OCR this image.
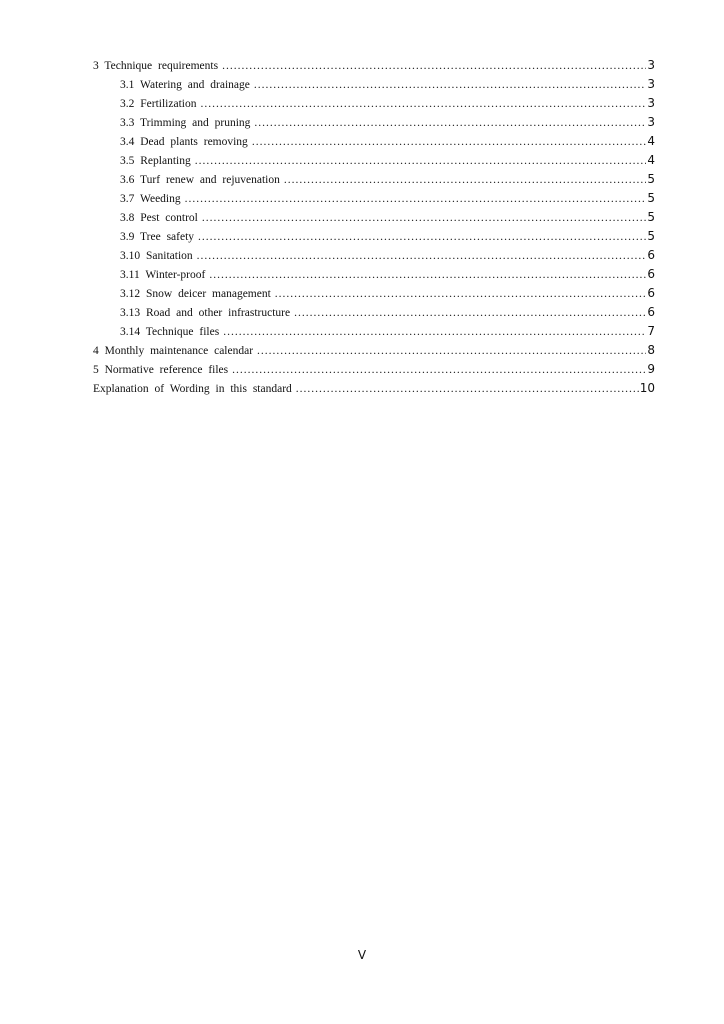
3 Technique requirements .....	3
3.1 Watering and drainage .....	3
3.2 Fertilization .....	3
3.3 Trimming and pruning .....	3
3.4 Dead plants removing .....	4
3.5 Replanting .....	4
3.6 Turf renew and rejuvenation .....	5
3.7 Weeding .....	5
3.8 Pest control .....	5
3.9 Tree safety .....	5
3.10 Sanitation .....	6
3.11 Winter-proof .....	6
3.12 Snow deicer management .....	6
3.13 Road and other infrastructure .....	6
3.14 Technique files .....	7
4 Monthly maintenance calendar .....	8
5 Normative reference files .....	9
Explanation of Wording in this standard .....	10
V
